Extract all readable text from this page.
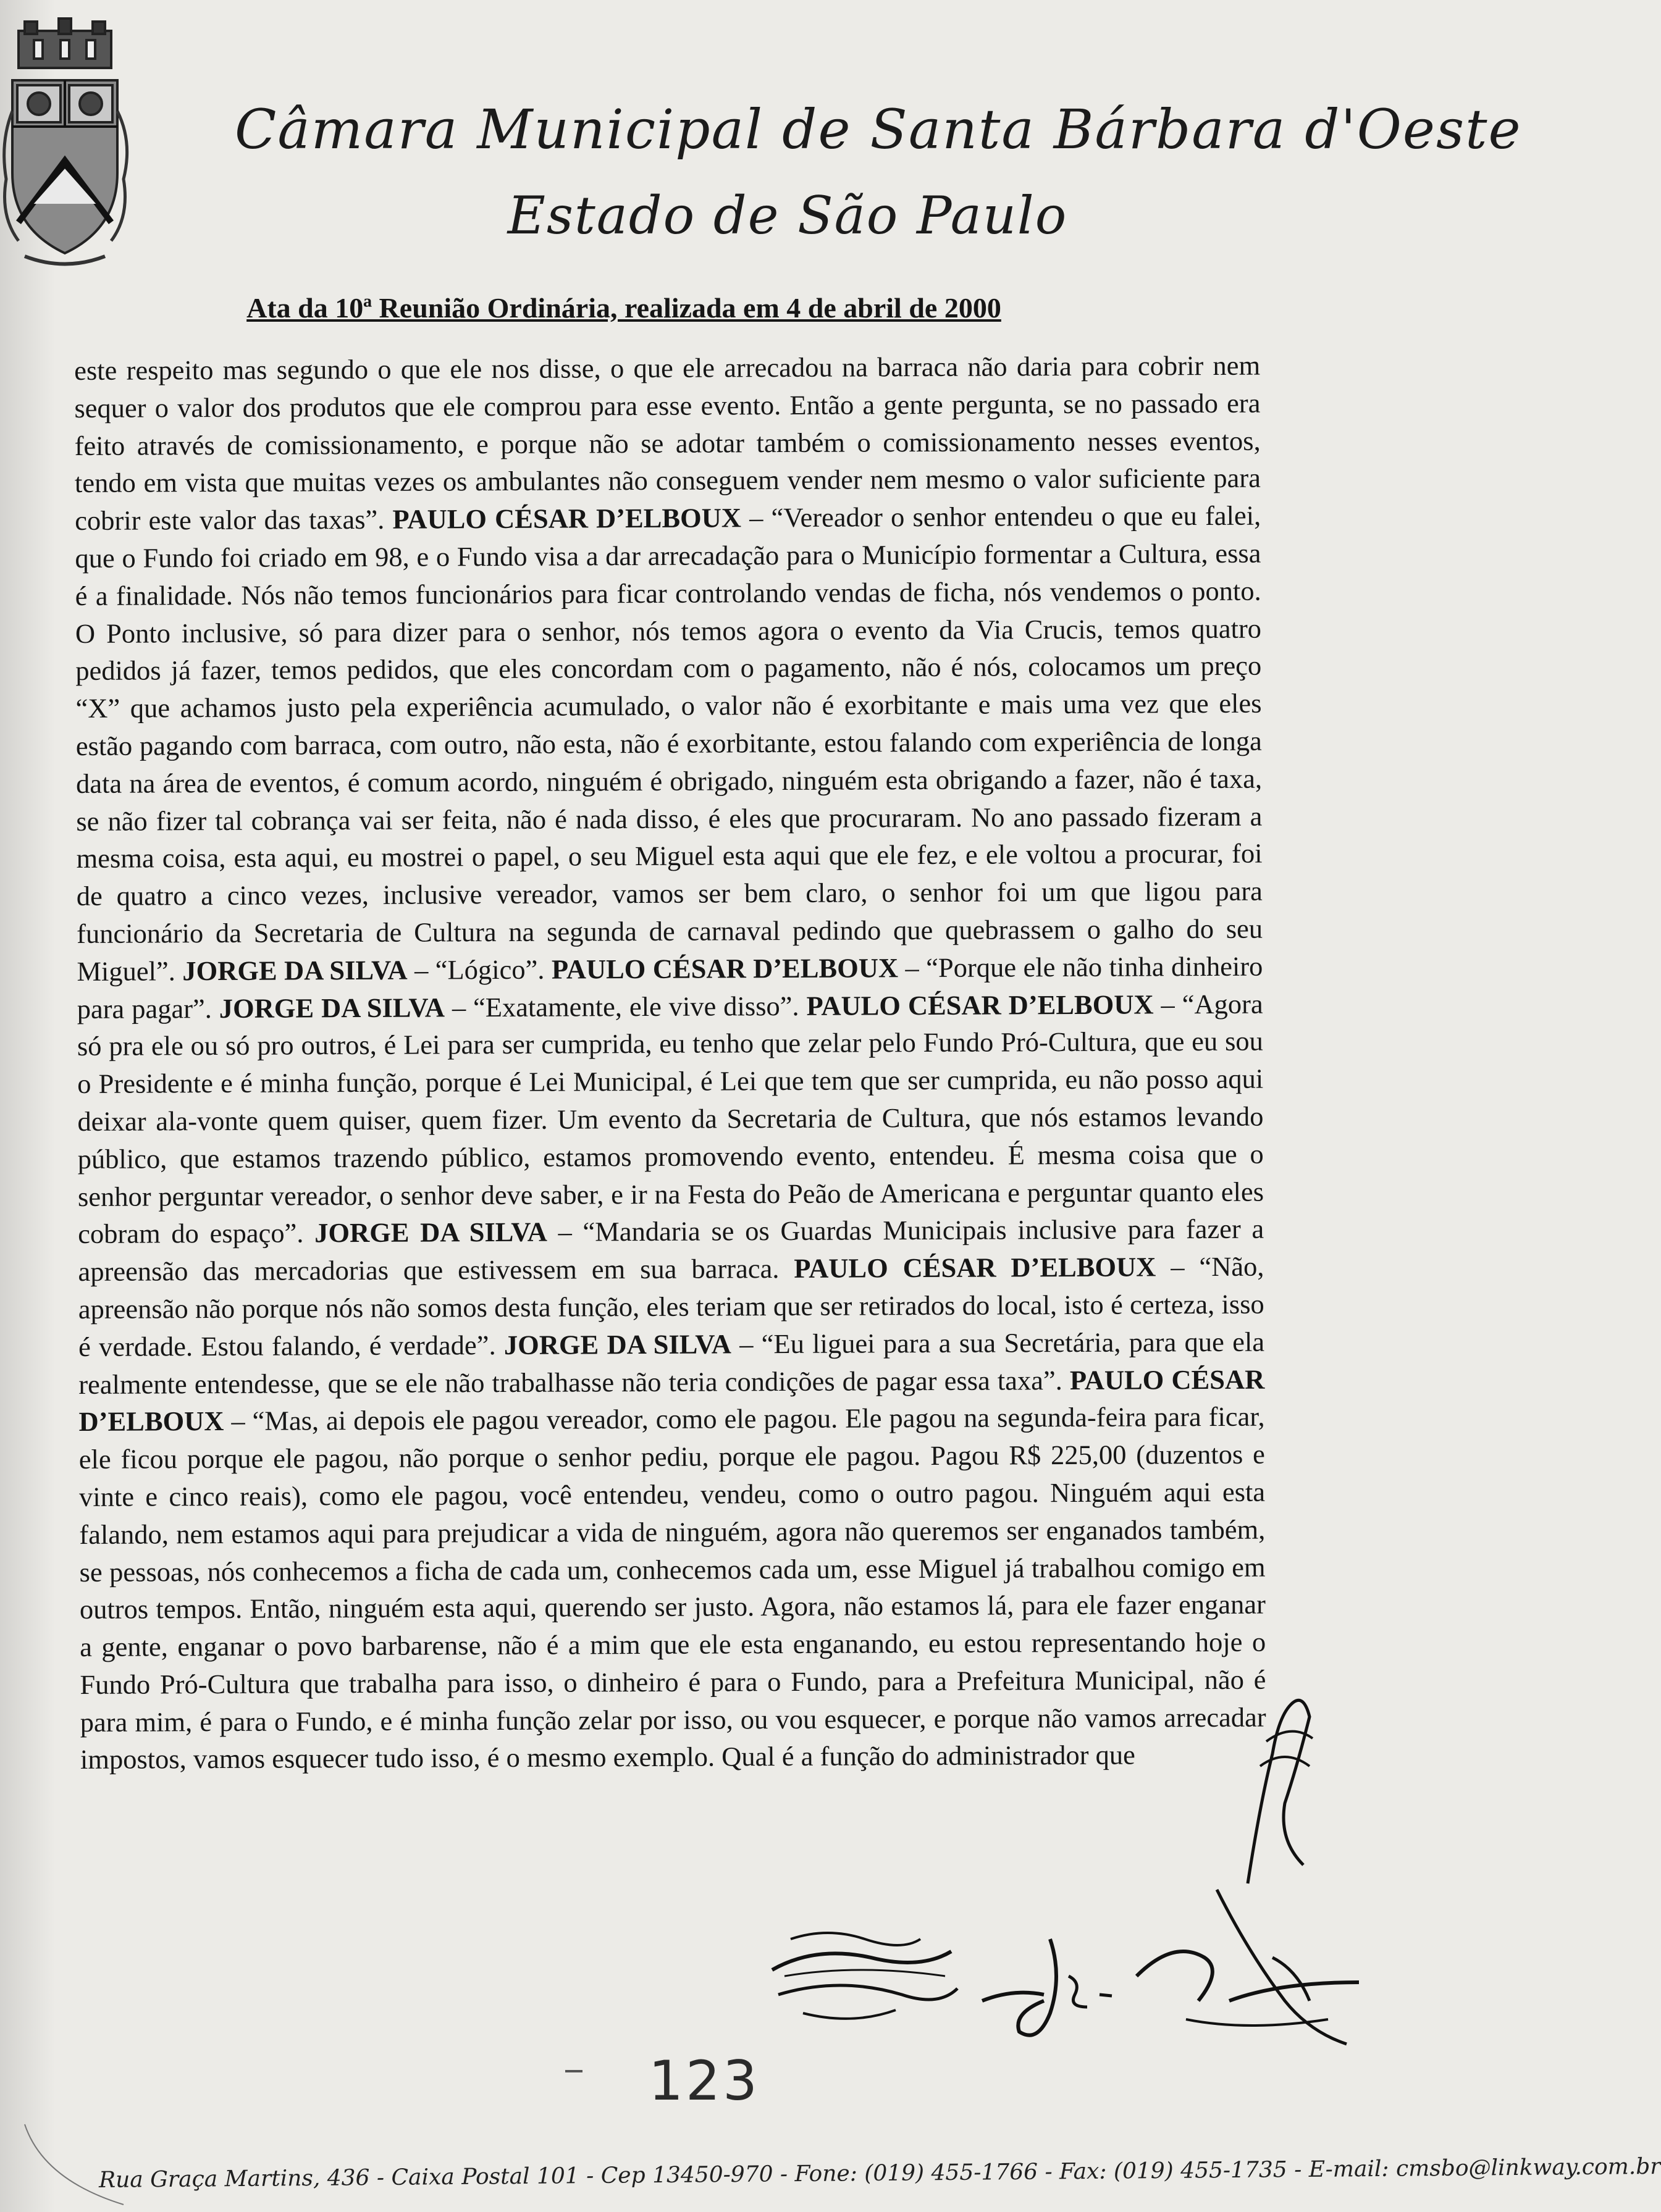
Câmara Municipal de Santa Bárbara d'Oeste
Estado de São Paulo
Ata da 10ª Reunião Ordinária, realizada em 4 de abril de 2000

este respeito mas segundo o que ele nos disse, o que ele arrecadou na barraca não daria para cobrir nem sequer o valor dos produtos que ele comprou para esse evento. Então a gente pergunta, se no passado era feito através de comissionamento, e porque não se adotar também o comissionamento nesses eventos, tendo em vista que muitas vezes os ambulantes não conseguem vender nem mesmo o valor suficiente para cobrir este valor das taxas”. PAULO CÉSAR D’ELBOUX – “Vereador o senhor entendeu o que eu falei, que o Fundo foi criado em 98, e o Fundo visa a dar arrecadação para o Município formentar a Cultura, essa é a finalidade. Nós não temos funcionários para ficar controlando vendas de ficha, nós vendemos o ponto. O Ponto inclusive, só para dizer para o senhor, nós temos agora o evento da Via Crucis, temos quatro pedidos já fazer, temos pedidos, que eles concordam com o pagamento, não é nós, colocamos um preço “X” que achamos justo pela experiência acumulado, o valor não é exorbitante e mais uma vez que eles estão pagando com barraca, com outro, não esta, não é exorbitante, estou falando com experiência de longa data na área de eventos, é comum acordo, ninguém é obrigado, ninguém esta obrigando a fazer, não é taxa, se não fizer tal cobrança vai ser feita, não é nada disso, é eles que procuraram. No ano passado fizeram a mesma coisa, esta aqui, eu mostrei o papel, o seu Miguel esta aqui que ele fez, e ele voltou a procurar, foi de quatro a cinco vezes, inclusive vereador, vamos ser bem claro, o senhor foi um que ligou para funcionário da Secretaria de Cultura na segunda de carnaval pedindo que quebrassem o galho do seu Miguel”. JORGE DA SILVA – “Lógico”. PAULO CÉSAR D’ELBOUX – “Porque ele não tinha dinheiro para pagar”. JORGE DA SILVA – “Exatamente, ele vive disso”. PAULO CÉSAR D’ELBOUX – “Agora só pra ele ou só pro outros, é Lei para ser cumprida, eu tenho que zelar pelo Fundo Pró-Cultura, que eu sou o Presidente e é minha função, porque é Lei Municipal, é Lei que tem que ser cumprida, eu não posso aqui deixar ala-vonte quem quiser, quem fizer. Um evento da Secretaria de Cultura, que nós estamos levando público, que estamos trazendo público, estamos promovendo evento, entendeu. É mesma coisa que o senhor perguntar vereador, o senhor deve saber, e ir na Festa do Peão de Americana e perguntar quanto eles cobram do espaço”. JORGE DA SILVA – “Mandaria se os Guardas Municipais inclusive para fazer a apreensão das mercadorias que estivessem em sua barraca. PAULO CÉSAR D’ELBOUX – “Não, apreensão não porque nós não somos desta função, eles teriam que ser retirados do local, isto é certeza, isso é verdade. Estou falando, é verdade”. JORGE DA SILVA – “Eu liguei para a sua Secretária, para que ela realmente entendesse, que se ele não trabalhasse não teria condições de pagar essa taxa”. PAULO CÉSAR D’ELBOUX – “Mas, ai depois ele pagou vereador, como ele pagou. Ele pagou na segunda-feira para ficar, ele ficou porque ele pagou, não porque o senhor pediu, porque ele pagou. Pagou R$ 225,00 (duzentos e vinte e cinco reais), como ele pagou, você entendeu, vendeu, como o outro pagou. Ninguém aqui esta falando, nem estamos aqui para prejudicar a vida de ninguém, agora não queremos ser enganados também, se pessoas, nós conhecemos a ficha de cada um, conhecemos cada um, esse Miguel já trabalhou comigo em outros tempos. Então, ninguém esta aqui, querendo ser justo. Agora, não estamos lá, para ele fazer enganar a gente, enganar o povo barbarense, não é a mim que ele esta enganando, eu estou representando hoje o Fundo Pró-Cultura que trabalha para isso, o dinheiro é para o Fundo, para a Prefeitura Municipal, não é para mim, é para o Fundo, e é minha função zelar por isso, ou vou esquecer, e porque não vamos arrecadar impostos, vamos esquecer tudo isso, é o mesmo exemplo. Qual é a função do administrador que

123
Rua Graça Martins, 436 - Caixa Postal 101 - Cep 13450-970 - Fone: (019) 455-1766 - Fax: (019) 455-1735 - E-mail: cmsbo@linkway.com.br
